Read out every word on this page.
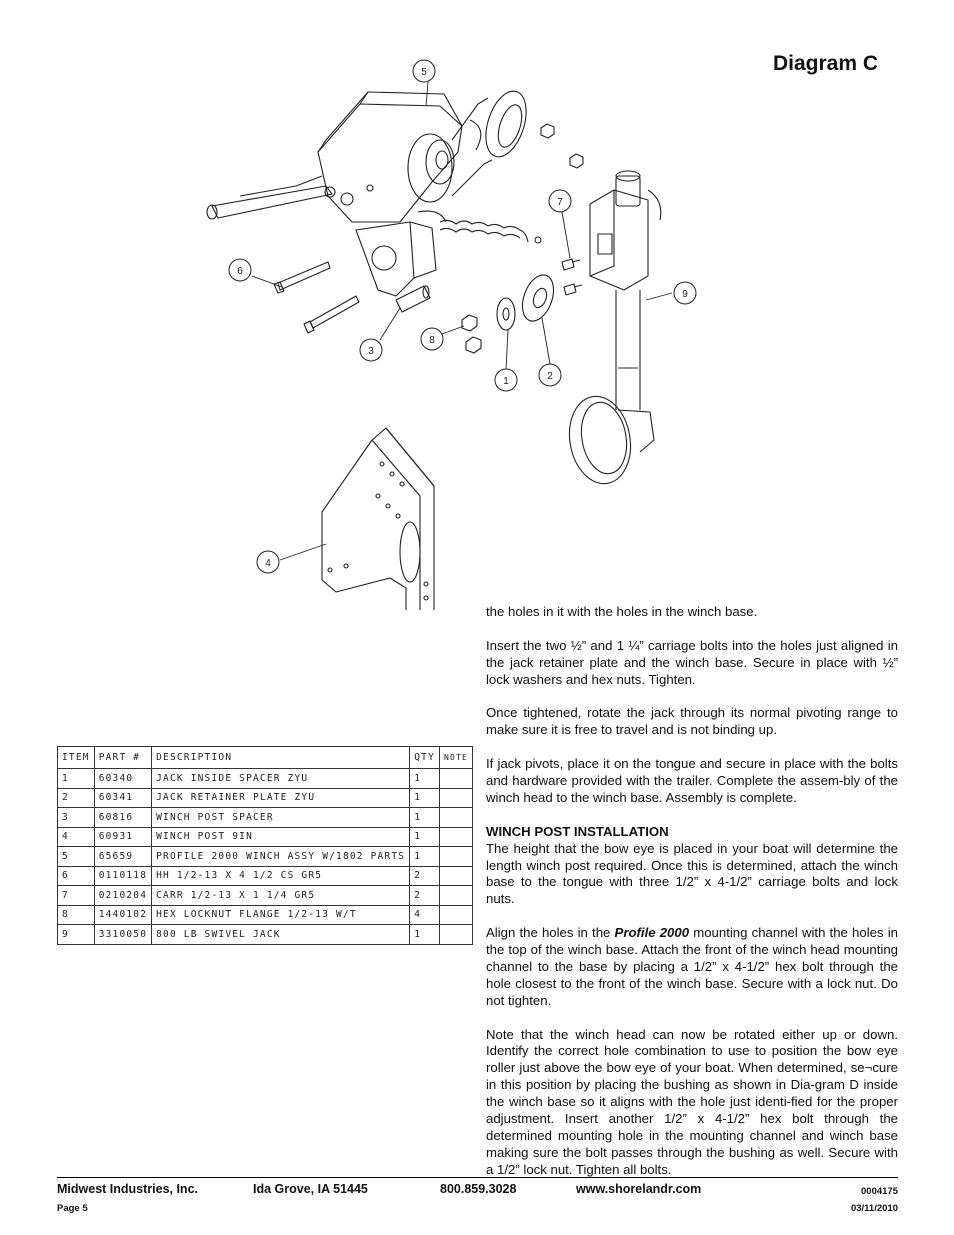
Diagram C
5
7
6
9
8
3
1	2
4
ITEM	PART #	DESCRIPTION	QTY	NOTE
1	60340	JACK INSIDE SPACER ZYU	1	
2	60341	JACK RETAINER PLATE ZYU	1	
3	60816	WINCH POST SPACER	1	
4	60931	WINCH POST 9IN	1	
5	65659	PROFILE 2000 WINCH ASSY W/1802 PARTS	1	
6	0110118	HH 1/2-13 X 4 1/2 CS GR5	2	
7	0210204	CARR 1/2-13 X 1 1/4 GR5	2	
8	1440102	HEX LOCKNUT FLANGE 1/2-13 W/T	4	
9	3310050	800 LB SWIVEL JACK	1	

the holes in it with the holes in the winch base.

Insert the two ½” and 1 ¼” carriage bolts into the holes just aligned in the jack retainer plate and the winch base. Secure in place with ½” lock washers and hex nuts. Tighten.

Once tightened, rotate the jack through its normal pivoting range to make sure it is free to travel and is not binding up.

If jack pivots, place it on the tongue and secure in place with the bolts and hardware provided with the trailer. Complete the assem-bly of the winch head to the winch base. Assembly is complete.

WINCH POST INSTALLATION

The height that the bow eye is placed in your boat will determine the length winch post required. Once this is determined, attach the winch base to the tongue with three 1/2” x 4-1/2” carriage bolts and lock nuts.

Align the holes in the Profile 2000 mounting channel with the holes in the top of the winch base. Attach the front of the winch head mounting channel to the base by placing a 1/2” x 4-1/2” hex bolt through the hole closest to the front of the winch base. Secure with a lock nut. Do not tighten.

Note that the winch head can now be rotated either up or down. Identify the correct hole combination to use to position the bow eye roller just above the bow eye of your boat. When determined, se¬cure in this position by placing the bushing as shown in Dia-gram D inside the winch base so it aligns with the hole just identi-fied for the proper adjustment. Insert another 1/2” x 4-1/2” hex bolt through the determined mounting hole in the mounting channel and winch base making sure the bolt passes through the bushing as well. Secure with a 1/2” lock nut. Tighten all bolts.

Midwest Industries, Inc.	Ida Grove, IA 51445	800.859.3028	www.shorelandr.com	0004175
Page 5	03/11/2010
